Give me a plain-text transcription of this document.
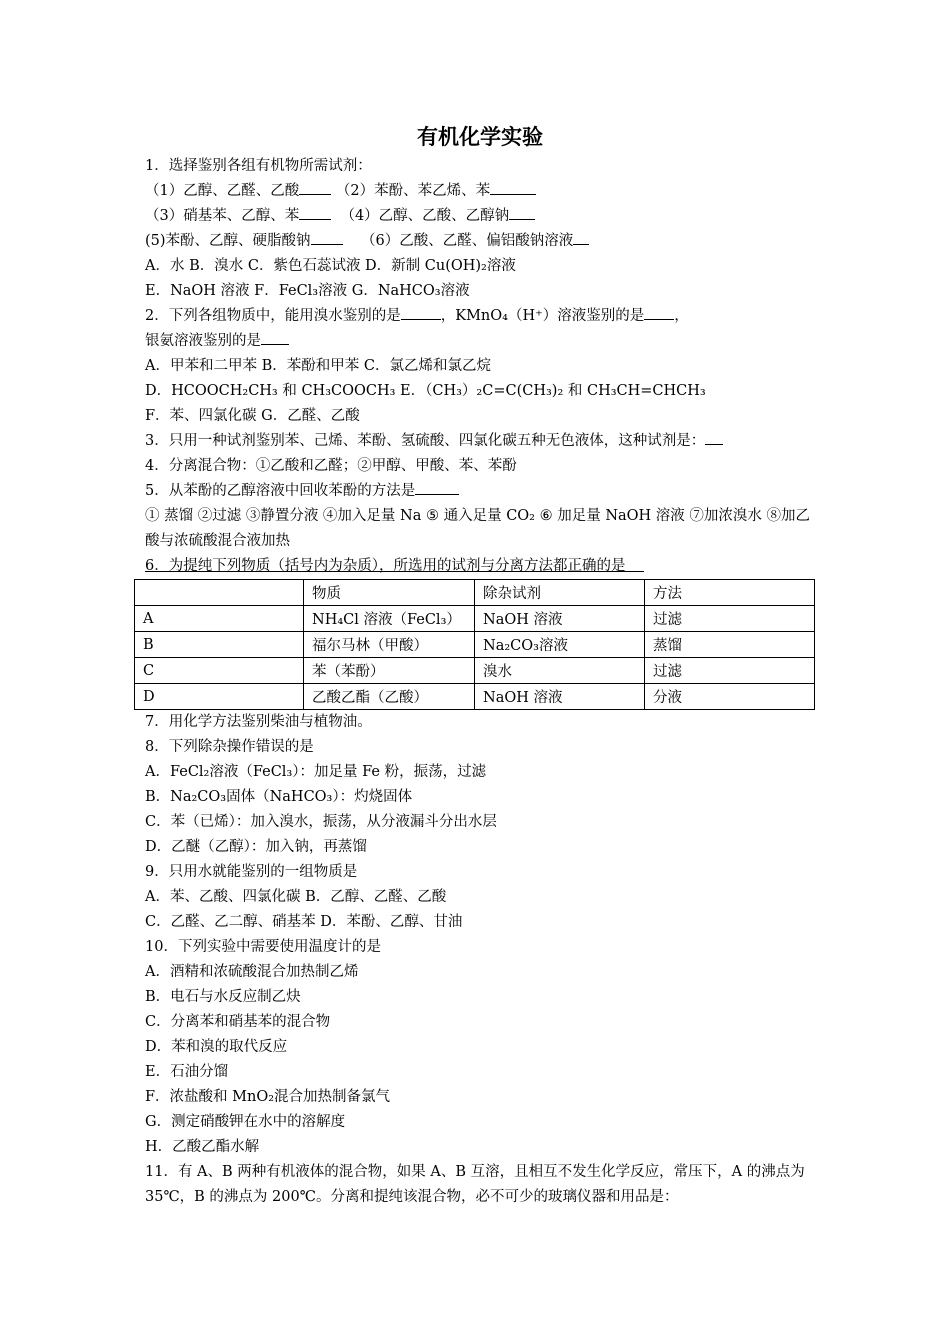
有机化学实验
1．选择鉴别各组有机物所需试剂：
（1）乙醇、乙醛、乙酸	（2）苯酚、苯乙烯、苯
（3）硝基苯、乙醇、苯	（4）乙醇、乙酸、乙醇钠
(5)苯酚、乙醇、硬脂酸钠	（6）乙酸、乙醛、偏铝酸钠溶液
A．水 B．溴水 C．紫色石蕊试液 D．新制 Cu(OH)₂溶液
E．NaOH 溶液 F．FeCl₃溶液 G．NaHCO₃溶液
2．下列各组物质中，能用溴水鉴别的是	，KMnO₄（H⁺）溶液鉴别的是 ，
银氨溶液鉴别的是
A．甲苯和二甲苯 B．苯酚和甲苯 C．氯乙烯和氯乙烷
D．HCOOCH₂CH₃ 和 CH₃COOCH₃ E．（CH₃）₂C=C(CH₃)₂ 和 CH₃CH=CHCH₃
F．苯、四氯化碳 G．乙醛、乙酸
3．只用一种试剂鉴别苯、己烯、苯酚、氢硫酸、四氯化碳五种无色液体，这种试剂是：
4．分离混合物：①乙酸和乙醛；②甲醇、甲酸、苯、苯酚
5．从苯酚的乙醇溶液中回收苯酚的方法是
① 蒸馏 ②过滤 ③静置分液 ④加入足量 Na ⑤ 通入足量 CO₂ ⑥ 加足量 NaOH 溶液 ⑦加浓溴水 ⑧加乙酸与浓硫酸混合液加热
6．为提纯下列物质（括号内为杂质），所选用的试剂与分离方法都正确的是
	物质	除杂试剂	方法
A	NH₄Cl 溶液（FeCl₃）	NaOH 溶液	过滤
B	福尔马林（甲酸）	Na₂CO₃溶液	蒸馏
C	苯（苯酚）	溴水	过滤
D	乙酸乙酯（乙酸）	NaOH 溶液	分液
7．用化学方法鉴别柴油与植物油。
8．下列除杂操作错误的是
A．FeCl₂溶液（FeCl₃）：加足量 Fe 粉，振荡，过滤
B．Na₂CO₃固体（NaHCO₃）：灼烧固体
C．苯（已烯）：加入溴水，振荡，从分液漏斗分出水层
D．乙醚（乙醇）：加入钠，再蒸馏
9．只用水就能鉴别的一组物质是
A．苯、乙酸、四氯化碳 B．乙醇、乙醛、乙酸
C．乙醛、乙二醇、硝基苯 D．苯酚、乙醇、甘油
10．下列实验中需要使用温度计的是
A．酒精和浓硫酸混合加热制乙烯
B．电石与水反应制乙炔
C．分离苯和硝基苯的混合物
D．苯和溴的取代反应
E．石油分馏
F．浓盐酸和 MnO₂混合加热制备氯气
G．测定硝酸钾在水中的溶解度
H．乙酸乙酯水解
11．有 A、B 两种有机液体的混合物，如果 A、B 互溶，且相互不发生化学反应，常压下，A 的沸点为 35℃，B 的沸点为 200℃。分离和提纯该混合物，必不可少的玻璃仪器和用品是：
